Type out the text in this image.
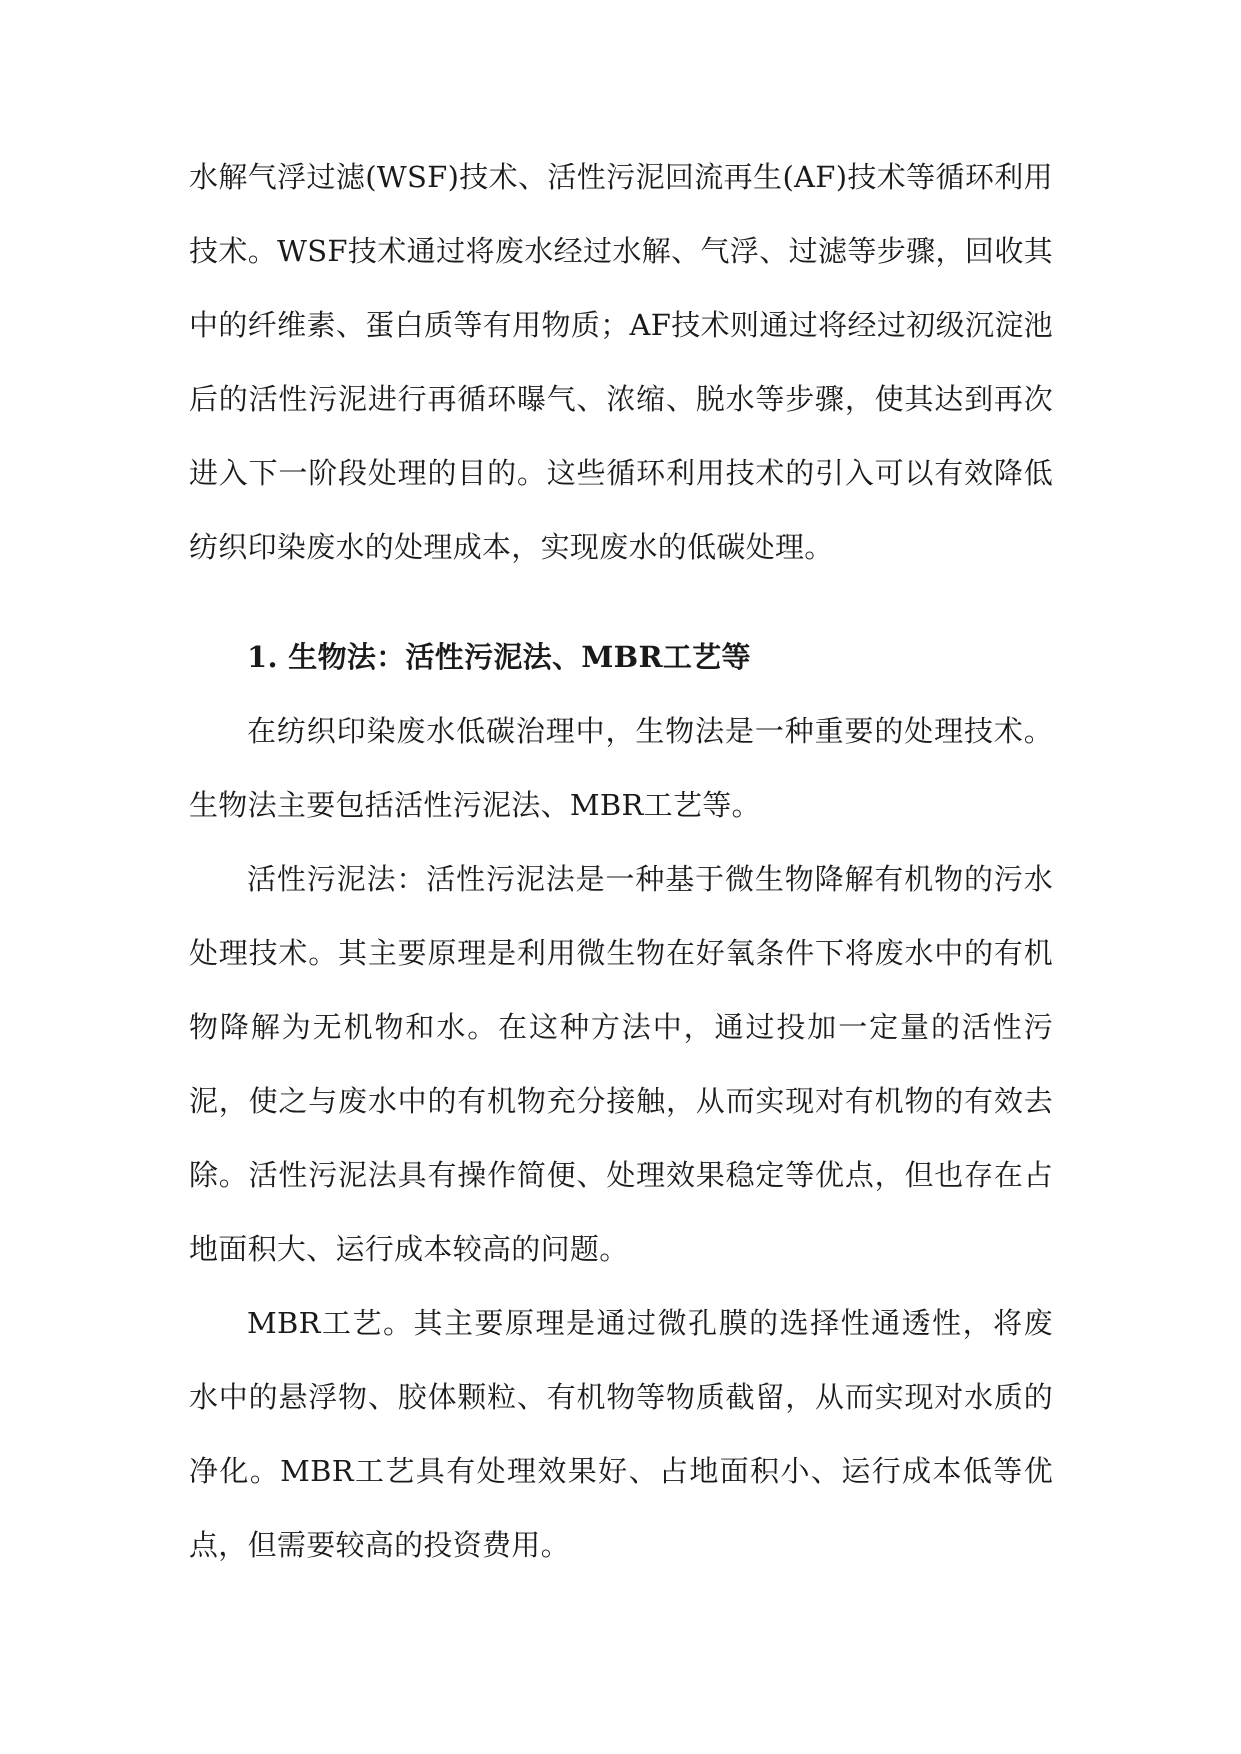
水解气浮过滤(WSF)技术、活性污泥回流再生(AF)技术等循环利用技术。WSF技术通过将废水经过水解、气浮、过滤等步骤，回收其中的纤维素、蛋白质等有用物质；AF技术则通过将经过初级沉淀池后的活性污泥进行再循环曝气、浓缩、脱水等步骤，使其达到再次进入下一阶段处理的目的。这些循环利用技术的引入可以有效降低纺织印染废水的处理成本，实现废水的低碳处理。

1. 生物法：活性污泥法、MBR工艺等

在纺织印染废水低碳治理中，生物法是一种重要的处理技术。生物法主要包括活性污泥法、MBR工艺等。

活性污泥法：活性污泥法是一种基于微生物降解有机物的污水处理技术。其主要原理是利用微生物在好氧条件下将废水中的有机物降解为无机物和水。在这种方法中，通过投加一定量的活性污泥，使之与废水中的有机物充分接触，从而实现对有机物的有效去除。活性污泥法具有操作简便、处理效果稳定等优点，但也存在占地面积大、运行成本较高的问题。

MBR工艺。其主要原理是通过微孔膜的选择性通透性，将废水中的悬浮物、胶体颗粒、有机物等物质截留，从而实现对水质的净化。MBR工艺具有处理效果好、占地面积小、运行成本低等优点，但需要较高的投资费用。
